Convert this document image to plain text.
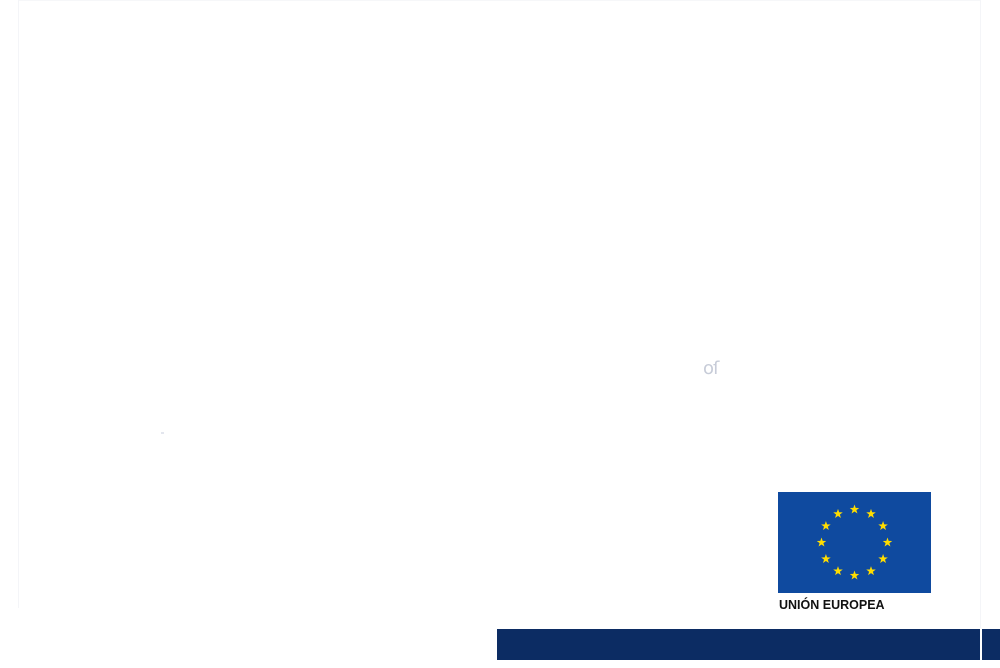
oſ
UNIÓN EUROPEA
